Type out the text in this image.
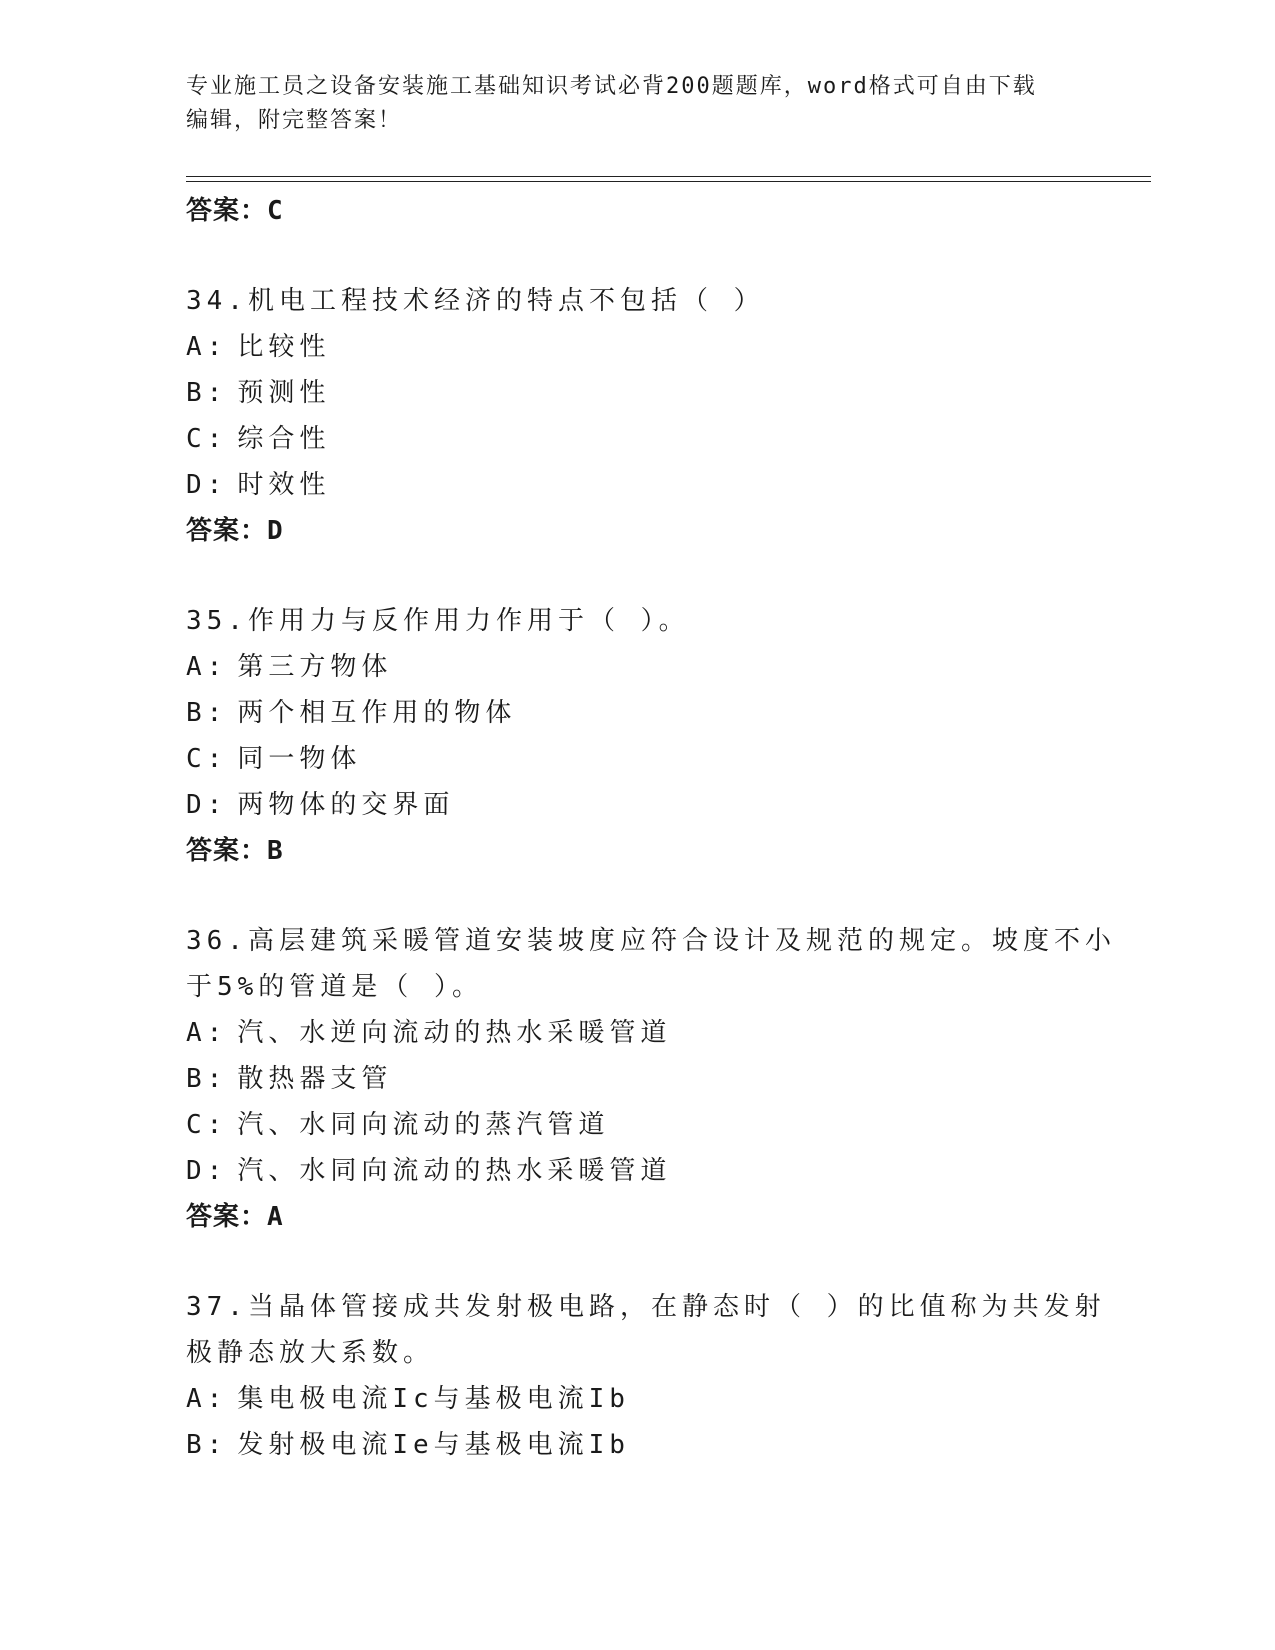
专业施工员之设备安装施工基础知识考试必背200题题库，word格式可自由下载
编辑，附完整答案！
答案：C
34.机电工程技术经济的特点不包括（ ）
A: 比较性
B: 预测性
C: 综合性
D: 时效性
答案：D
35.作用力与反作用力作用于（ ）。
A: 第三方物体
B: 两个相互作用的物体
C: 同一物体
D: 两物体的交界面
答案：B
36.高层建筑采暖管道安装坡度应符合设计及规范的规定。坡度不小于5%的管道是（ ）。
A: 汽、水逆向流动的热水采暖管道
B: 散热器支管
C: 汽、水同向流动的蒸汽管道
D: 汽、水同向流动的热水采暖管道
答案：A
37.当晶体管接成共发射极电路，在静态时（ ）的比值称为共发射极静态放大系数。
A: 集电极电流Ic与基极电流Ib
B: 发射极电流Ie与基极电流Ib
